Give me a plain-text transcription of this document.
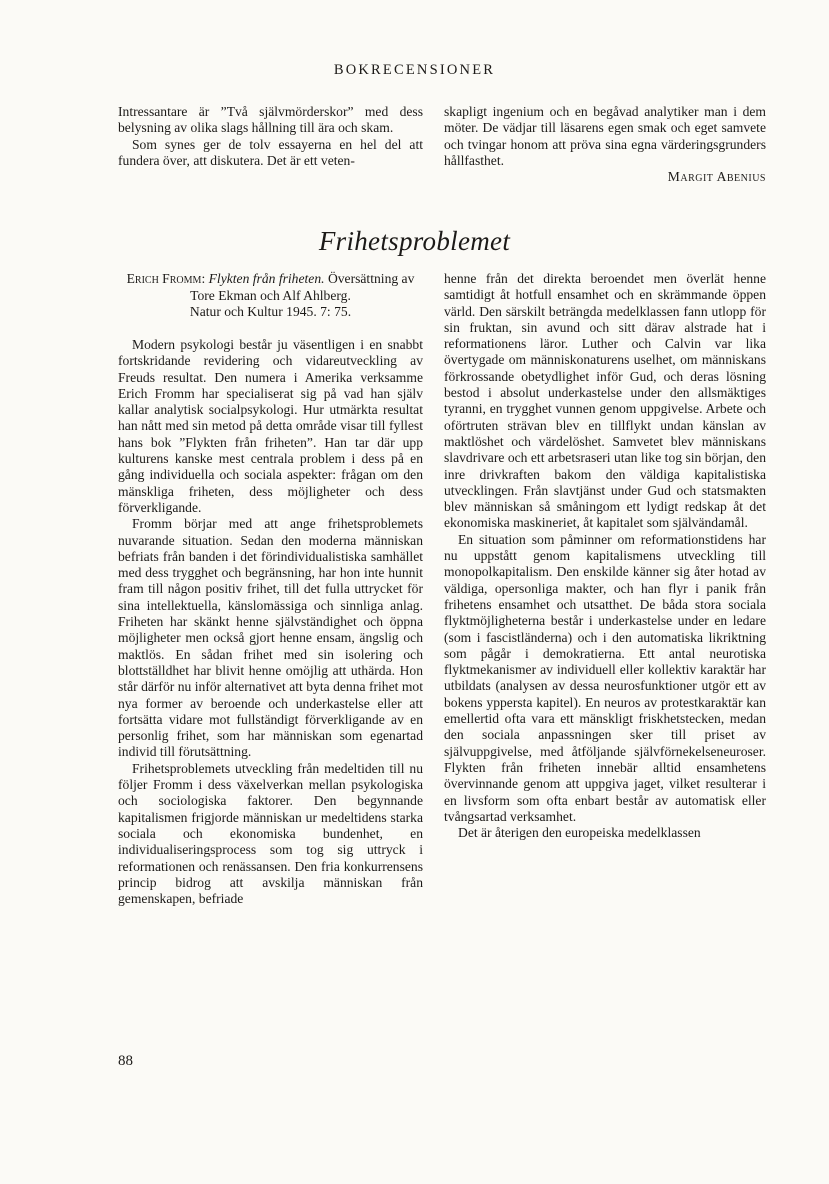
BOKRECENSIONER

Intressantare är ”Två självmörderskor” med dess belysning av olika slags hållning till ära och skam.

Som synes ger de tolv essayerna en hel del att fundera över, att diskutera. Det är ett veten-

skapligt ingenium och en begåvad analytiker man i dem möter. De vädjar till läsarens egen smak och eget samvete och tvingar honom att pröva sina egna värderingsgrunders hållfasthet.

Margit Abenius
Frihetsproblemet
Erich Fromm: Flykten från friheten. Översättning av Tore Ekman och Alf Ahlberg.
Natur och Kultur 1945. 7: 75.

Modern psykologi består ju väsentligen i en snabbt fortskridande revidering och vidareutveckling av Freuds resultat. Den numera i Amerika verksamme Erich Fromm har specialiserat sig på vad han själv kallar analytisk socialpsykologi. Hur utmärkta resultat han nått med sin metod på detta område visar till fyllest hans bok ”Flykten från friheten”. Han tar där upp kulturens kanske mest centrala problem i dess på en gång individuella och sociala aspekter: frågan om den mänskliga friheten, dess möjligheter och dess förverkligande.

Fromm börjar med att ange frihetsproblemets nuvarande situation. Sedan den moderna människan befriats från banden i det förindividualistiska samhället med dess trygghet och begränsning, har hon inte hunnit fram till någon positiv frihet, till det fulla uttrycket för sina intellektuella, känslomässiga och sinnliga anlag. Friheten har skänkt henne självständighet och öppna möjligheter men också gjort henne ensam, ängslig och maktlös. En sådan frihet med sin isolering och blottställdhet har blivit henne omöjlig att uthärda. Hon står därför nu inför alternativet att byta denna frihet mot nya former av beroende och underkastelse eller att fortsätta vidare mot fullständigt förverkligande av en personlig frihet, som har människan som egenartad individ till förutsättning.

Frihetsproblemets utveckling från medeltiden till nu följer Fromm i dess växelverkan mellan psykologiska och sociologiska faktorer. Den begynnande kapitalismen frigjorde människan ur medeltidens starka sociala och ekonomiska bundenhet, en individualiseringsprocess som tog sig uttryck i reformationen och renässansen. Den fria konkurrensens princip bidrog att avskilja människan från gemenskapen, befriade

henne från det direkta beroendet men överlät henne samtidigt åt hotfull ensamhet och en skrämmande öppen värld. Den särskilt beträngda medelklassen fann utlopp för sin fruktan, sin avund och sitt därav alstrade hat i reformationens läror. Luther och Calvin var lika övertygade om människonaturens uselhet, om människans förkrossande obetydlighet inför Gud, och deras lösning bestod i absolut underkastelse under den allsmäktiges tyranni, en trygghet vunnen genom uppgivelse. Arbete och oförtruten strävan blev en tillflykt undan känslan av maktlöshet och värdelöshet. Samvetet blev människans slavdrivare och ett arbetsraseri utan like tog sin början, den inre drivkraften bakom den väldiga kapitalistiska utvecklingen. Från slavtjänst under Gud och statsmakten blev människan så småningom ett lydigt redskap åt det ekonomiska maskineriet, åt kapitalet som självändamål.

En situation som påminner om reformationstidens har nu uppstått genom kapitalismens utveckling till monopolkapitalism. Den enskilde känner sig åter hotad av väldiga, opersonliga makter, och han flyr i panik från frihetens ensamhet och utsatthet. De båda stora sociala flyktmöjligheterna består i underkastelse under en ledare (som i fascistländerna) och i den automatiska likriktning som pågår i demokratierna. Ett antal neurotiska flyktmekanismer av individuell eller kollektiv karaktär har utbildats (analysen av dessa neurosfunktioner utgör ett av bokens yppersta kapitel). En neuros av protestkaraktär kan emellertid ofta vara ett mänskligt friskhetstecken, medan den sociala anpassningen sker till priset av självuppgivelse, med åtföljande självförnekelseneuroser. Flykten från friheten innebär alltid ensamhetens övervinnande genom att uppgiva jaget, vilket resulterar i en livsform som ofta enbart består av automatisk eller tvångsartad verksamhet.

Det är återigen den europeiska medelklassen

88
